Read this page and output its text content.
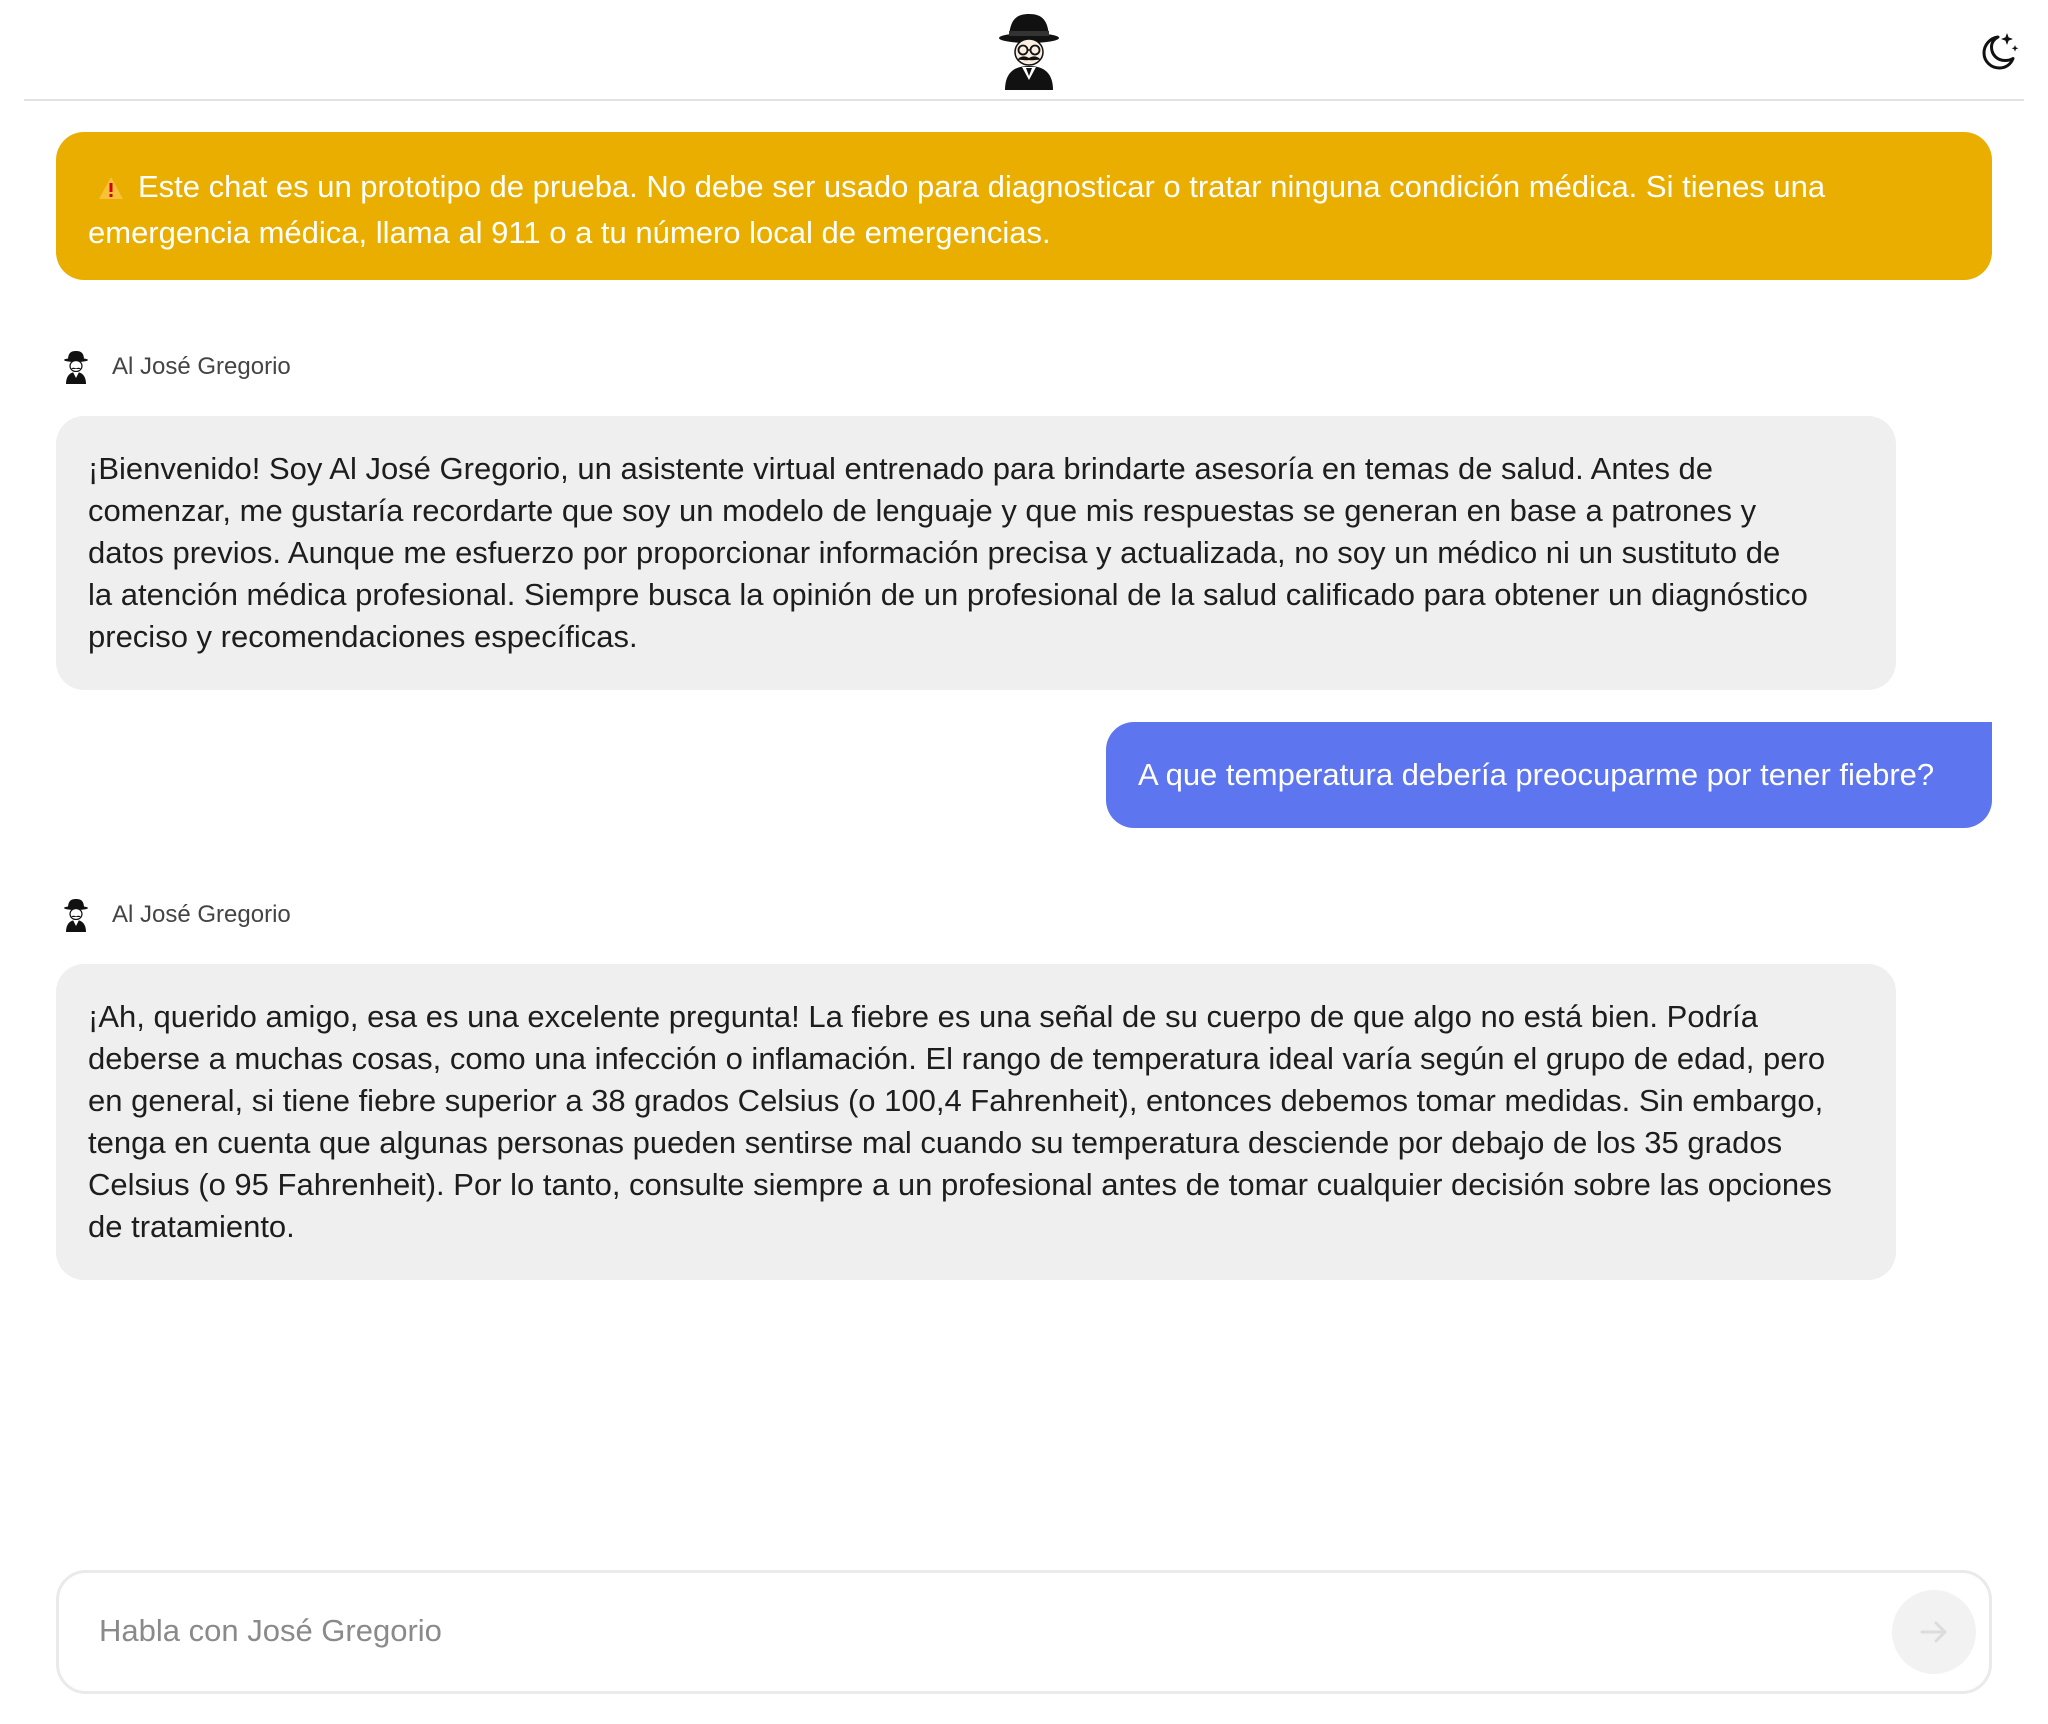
Este chat es un prototipo de prueba. No debe ser usado para diagnosticar o tratar ninguna condición médica. Si tienes una emergencia médica, llama al 911 o a tu número local de emergencias.
Al José Gregorio
¡Bienvenido! Soy Al José Gregorio, un asistente virtual entrenado para brindarte asesoría en temas de salud. Antes de
comenzar, me gustaría recordarte que soy un modelo de lenguaje y que mis respuestas se generan en base a patrones y
datos previos. Aunque me esfuerzo por proporcionar información precisa y actualizada, no soy un médico ni un sustituto de
la atención médica profesional. Siempre busca la opinión de un profesional de la salud calificado para obtener un diagnóstico
preciso y recomendaciones específicas.
A que temperatura debería preocuparme por tener fiebre?
Al José Gregorio
¡Ah, querido amigo, esa es una excelente pregunta! La fiebre es una señal de su cuerpo de que algo no está bien. Podría
deberse a muchas cosas, como una infección o inflamación. El rango de temperatura ideal varía según el grupo de edad, pero
en general, si tiene fiebre superior a 38 grados Celsius (o 100,4 Fahrenheit), entonces debemos tomar medidas. Sin embargo,
tenga en cuenta que algunas personas pueden sentirse mal cuando su temperatura desciende por debajo de los 35 grados
Celsius (o 95 Fahrenheit). Por lo tanto, consulte siempre a un profesional antes de tomar cualquier decisión sobre las opciones
de tratamiento.
Habla con José Gregorio
